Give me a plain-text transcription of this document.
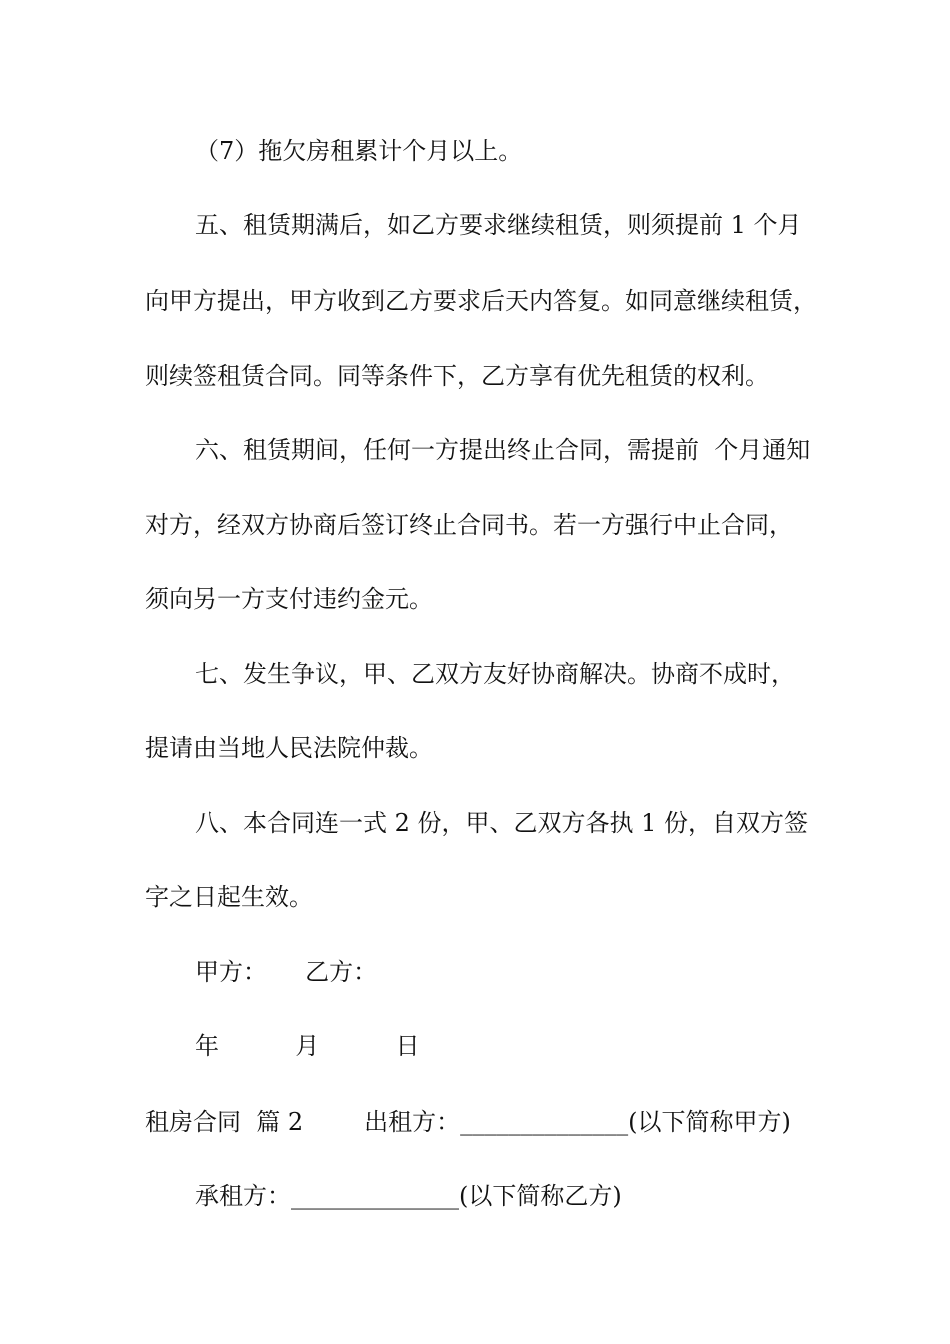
（7）拖欠房租累计个月以上。
五、租赁期满后，如乙方要求继续租赁，则须提前 1 个月
向甲方提出，甲方收到乙方要求后天内答复。如同意继续租赁，
则续签租赁合同。同等条件下，乙方享有优先租赁的权利。
六、租赁期间，任何一方提出终止合同，需提前  个月通知
对方，经双方协商后签订终止合同书。若一方强行中止合同，
须向另一方支付违约金元。
七、发生争议，甲、乙双方友好协商解决。协商不成时，
提请由当地人民法院仲裁。
八、本合同连一式 2 份，甲、乙双方各执 1 份，自双方签
字之日起生效。
甲方：     乙方：
年          月          日
租房合同  篇 2        出租方：______________(以下简称甲方)
承租方：______________(以下简称乙方)
